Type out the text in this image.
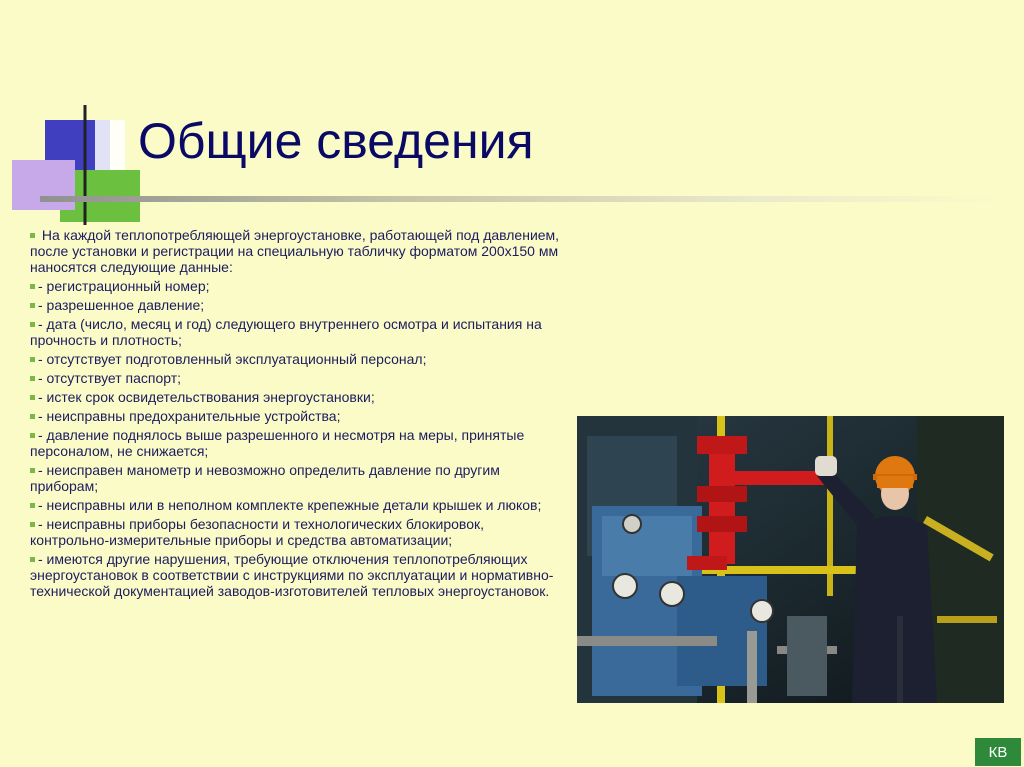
Общие сведения

На каждой теплопотребляющей энергоустановке, работающей под давлением, после установки и регистрации на специальную табличку форматом 200х150 мм наносятся следующие данные:

- регистрационный номер;

- разрешенное давление;

- дата (число, месяц и год) следующего внутреннего осмотра и испытания на прочность и плотность;

- отсутствует подготовленный эксплуатационный персонал;

- отсутствует паспорт;

- истек срок освидетельствования энергоустановки;

- неисправны предохранительные устройства;

- давление поднялось выше разрешенного и несмотря на меры, принятые персоналом, не снижается;

- неисправен манометр и невозможно определить давление по другим приборам;

- неисправны или в неполном комплекте крепежные детали крышек и люков;

- неисправны приборы безопасности и технологических блокировок, контрольно-измерительные приборы и средства автоматизации;

- имеются другие нарушения, требующие отключения теплопотребляющих энергоустановок в соответствии с инструкциями по эксплуатации и нормативно-технической документацией заводов-изготовителей тепловых энергоустановок.

КВ
